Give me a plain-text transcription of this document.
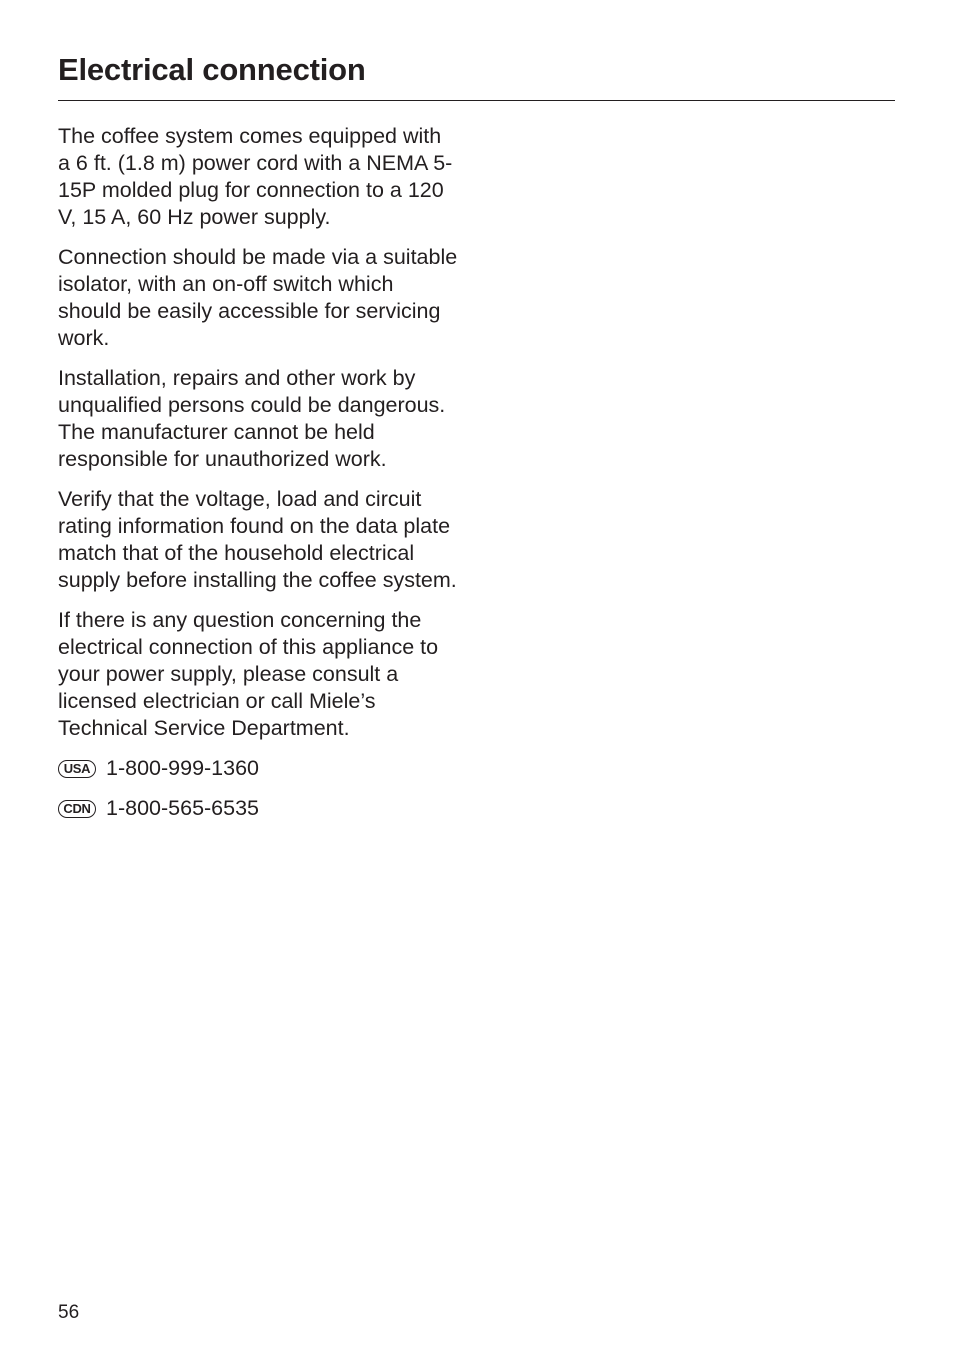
Electrical connection

The coffee system comes equipped with a 6 ft. (1.8 m) power cord with a NEMA 5-15P molded plug for connection to a 120 V, 15 A, 60 Hz power supply.

Connection should be made via a suitable isolator, with an on-off switch which should be easily accessible for servicing work.

Installation, repairs and other work by unqualified persons could be dangerous. The manufacturer cannot be held responsible for unauthorized work.

Verify that the voltage, load and circuit rating information found on the data plate match that of the household electrical supply before installing the coffee system.

If there is any question concerning the electrical connection of this appliance to your power supply, please consult a licensed electrician or call Miele’s Technical Service Department.

USA 1-800-999-1360
CDN 1-800-565-6535
56
